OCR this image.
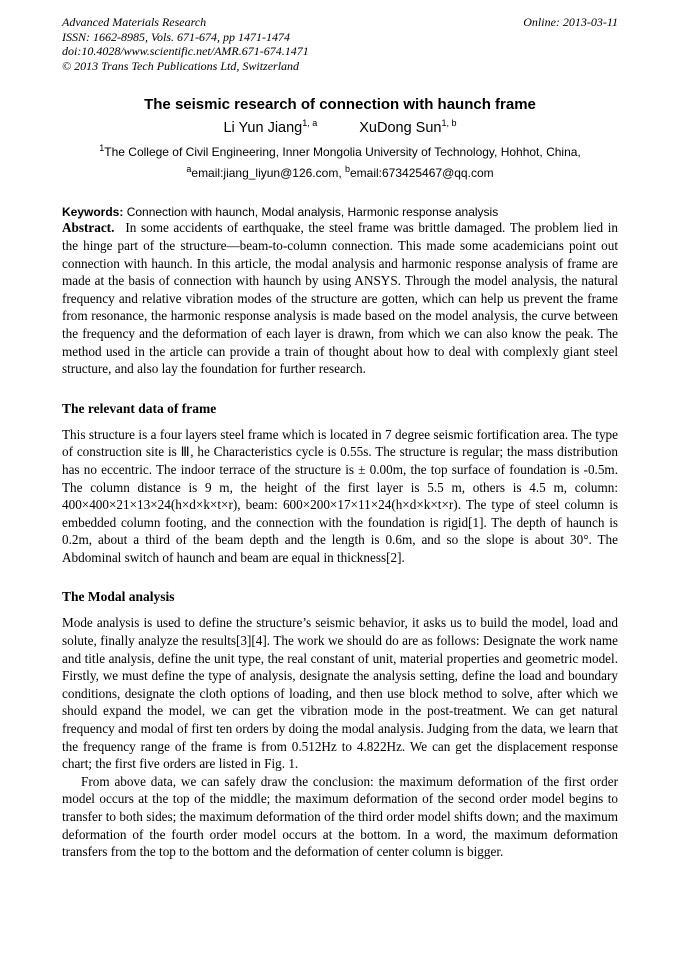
Advanced Materials Research	Online: 2013-03-11
ISSN: 1662-8985, Vols. 671-674, pp 1471-1474
doi:10.4028/www.scientific.net/AMR.671-674.1471
© 2013 Trans Tech Publications Ltd, Switzerland
The seismic research of connection with haunch frame
Li Yun Jiang$^{1, a}$	XuDong Sun$^{1, b}$
$^1$The College of Civil Engineering, Inner Mongolia University of Technology, Hohhot, China,
$^a$email:jiang_liyun@126.com, $^b$email:673425467@qq.com
Keywords: Connection with haunch, Modal analysis, Harmonic response analysis

Abstract. In some accidents of earthquake, the steel frame was brittle damaged. The problem lied in the hinge part of the structure—beam-to-column connection. This made some academicians point out connection with haunch. In this article, the modal analysis and harmonic response analysis of frame are made at the basis of connection with haunch by using ANSYS. Through the model analysis, the natural frequency and relative vibration modes of the structure are gotten, which can help us prevent the frame from resonance, the harmonic response analysis is made based on the model analysis, the curve between the frequency and the deformation of each layer is drawn, from which we can also know the peak. The method used in the article can provide a train of thought about how to deal with complexly giant steel structure, and also lay the foundation for further research.

The relevant data of frame

This structure is a four layers steel frame which is located in 7 degree seismic fortification area. The type of construction site is Ⅲ, he Characteristics cycle is 0.55s. The structure is regular; the mass distribution has no eccentric. The indoor terrace of the structure is ± 0.00m, the top surface of foundation is -0.5m. The column distance is 9 m, the height of the first layer is 5.5 m, others is 4.5 m, column: 400×400×21×13×24(h×d×k×t×r), beam: 600×200×17×11×24(h×d×k×t×r). The type of steel column is embedded column footing, and the connection with the foundation is rigid[1]. The depth of haunch is 0.2m, about a third of the beam depth and the length is 0.6m, and so the slope is about 30°. The Abdominal switch of haunch and beam are equal in thickness[2].

The Modal analysis

Mode analysis is used to define the structure’s seismic behavior, it asks us to build the model, load and solute, finally analyze the results[3][4]. The work we should do are as follows: Designate the work name and title analysis, define the unit type, the real constant of unit, material properties and geometric model. Firstly, we must define the type of analysis, designate the analysis setting, define the load and boundary conditions, designate the cloth options of loading, and then use block method to solve, after which we should expand the model, we can get the vibration mode in the post-treatment. We can get natural frequency and modal of first ten orders by doing the modal analysis. Judging from the data, we learn that the frequency range of the frame is from 0.512Hz to 4.822Hz. We can get the displacement response chart; the first five orders are listed in Fig. 1.

From above data, we can safely draw the conclusion: the maximum deformation of the first order model occurs at the top of the middle; the maximum deformation of the second order model begins to transfer to both sides; the maximum deformation of the third order model shifts down; and the maximum deformation of the fourth order model occurs at the bottom. In a word, the maximum deformation transfers from the top to the bottom and the deformation of center column is bigger.
